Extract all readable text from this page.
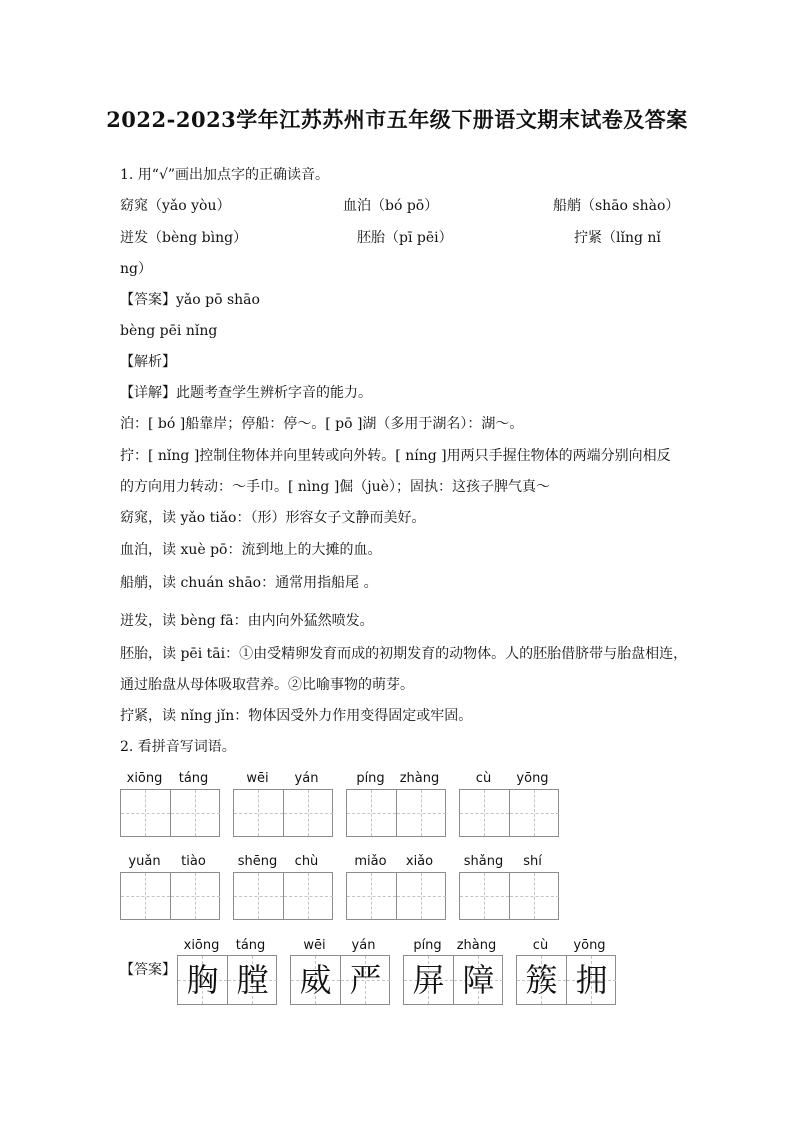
2022-2023学年江苏苏州市五年级下册语文期末试卷及答案
1. 用“√”画出加点字的正确读音。
窈窕（yǎo yòu）	血泊（bó pō）	船艄（shāo shào）
迸发（bèng bìng）	胚胎（pī pēi）	拧紧（lǐng nǐ
ng）
【答案】yǎo pō shāo
bèng pēi nǐng
【解析】
【详解】此题考查学生辨析字音的能力。
泊：[ bó ]船靠岸；停船：停～。[ pō ]湖（多用于湖名）：湖～。
拧：[ nǐng ]控制住物体并向里转或向外转。[ níng ]用两只手握住物体的两端分别向相反
的方向用力转动：～手巾。[ nìng ]倔（juè）；固执：这孩子脾气真～
窈窕，读 yǎo tiǎo：（形）形容女子文静而美好。
血泊，读 xuè pō：流到地上的大摊的血。
船艄，读 chuán shāo：通常用指船尾 。
迸发，读 bèng fā：由内向外猛然喷发。
胚胎，读 pēi tāi：①由受精卵发育而成的初期发育的动物体。人的胚胎借脐带与胎盘相连，
通过胎盘从母体吸取营养。②比喻事物的萌芽。
拧紧，读 nǐng jǐn：物体因受外力作用变得固定或牢固。
2. 看拼音写词语。
xiōng	táng	wēi	yán	píng	zhàng	cù	yōng
yuǎn	tiào	shēng	chù	miǎo	xiǎo	shǎng	shí
【答案】
xiōng	táng	wēi	yán	píng	zhàng	cù	yōng
胸 膛 威 严 屏 障 簇 拥
